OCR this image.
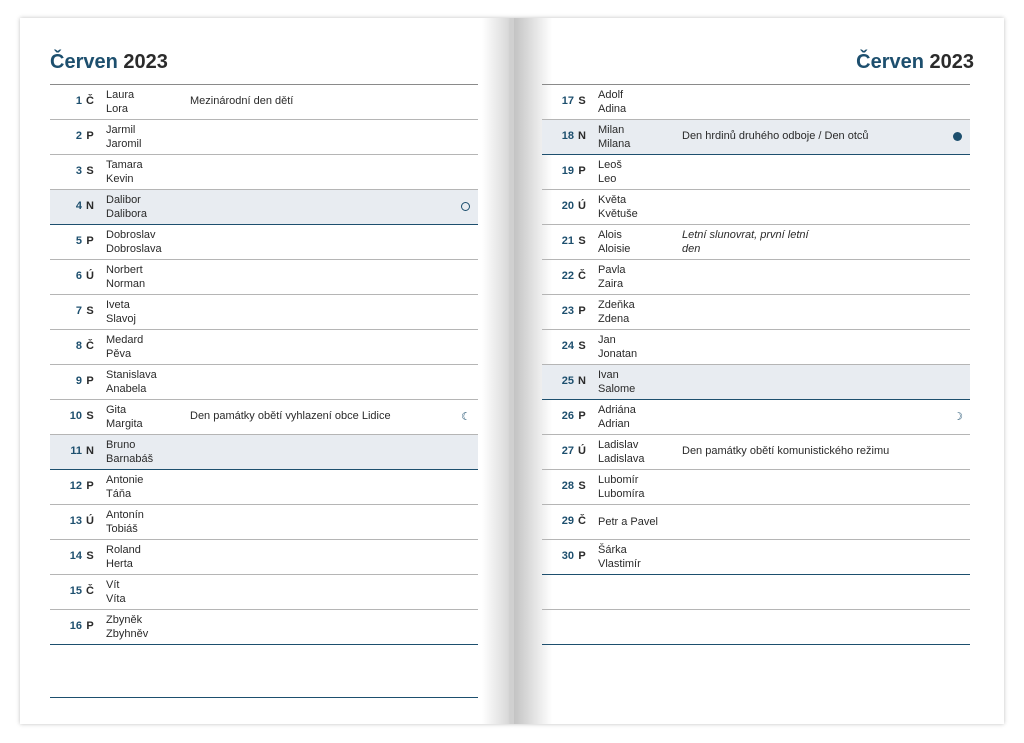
Červen 2023
1 Č Laura
Lora
Mezinárodní den dětí
2 P Jarmil
Jaromil
3 S Tamara
Kevin
4 N Dalibor
Dalibora
5 P Dobroslav
Dobroslava
6 Ú Norbert
Norman
7 S Iveta
Slavoj
8 Č Medard
Pěva
9 P Stanislava
Anabela
10 S Gita
Margita
Den památky obětí vyhlazení obce Lidice	☾
11 N Bruno
Barnabáš
12 P Antonie
Táňa
13 Ú Antonín
Tobiáš
14 S Roland
Herta
15 Č Vít
Víta
16 P Zbyněk
Zbyhněv
Červen 2023
17 S Adolf
Adina
18 N Milan
Milana
Den hrdinů druhého odboje / Den otců
19 P Leoš
Leo
20 Ú Květa
Květuše
21 S Alois
Aloisie
Letní slunovrat, první letní den
22 Č Pavla
Zaira
23 P Zdeňka
Zdena
24 S Jan
Jonatan
25 N Ivan
Salome
26 P Adriána
Adrian
☽
27 Ú Ladislav
Ladislava
Den památky obětí komunistického režimu
28 S Lubomír
Lubomíra
29 Č Petr a Pavel
30 P Šárka
Vlastimír
